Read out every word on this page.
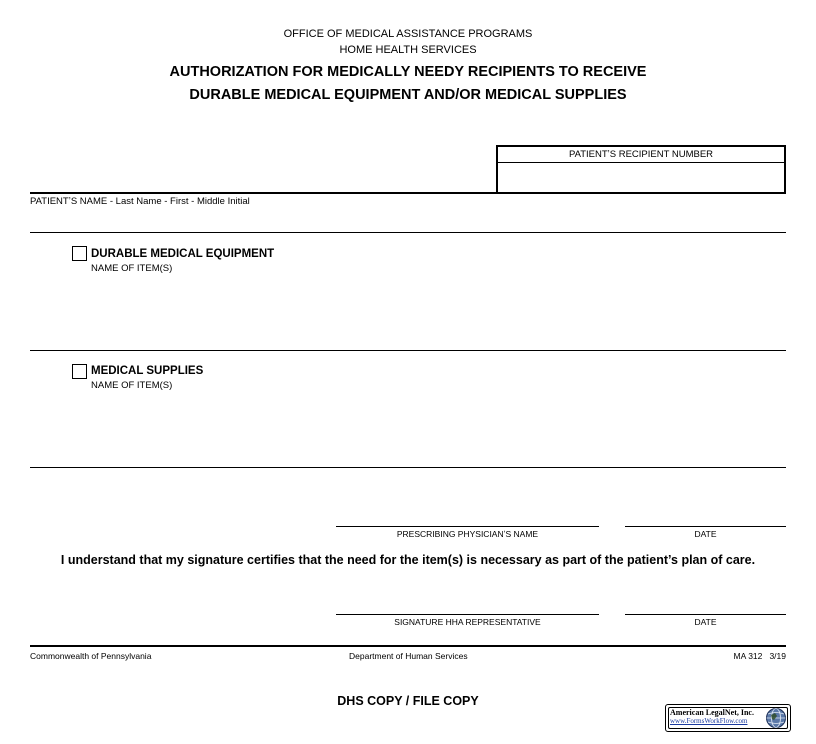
OFFICE OF MEDICAL ASSISTANCE PROGRAMS
HOME HEALTH SERVICES
AUTHORIZATION FOR MEDICALLY NEEDY RECIPIENTS TO RECEIVE
DURABLE MEDICAL EQUIPMENT AND/OR MEDICAL SUPPLIES
PATIENTʼS RECIPIENT NUMBER
PATIENTʼS NAME - Last Name - First - Middle Initial
DURABLE MEDICAL EQUIPMENT
NAME OF ITEM(S)
MEDICAL SUPPLIES
NAME OF ITEM(S)
PRESCRIBING PHYSICIANʼS NAME	DATE
I understand that my signature certifies that the need for the item(s) is necessary as part of the patient’s plan of care.
SIGNATURE HHA REPRESENTATIVE	DATE
Commonwealth of Pennsylvania	Department of Human Services	MA 312   3/19
DHS COPY / FILE COPY
American LegalNet, Inc.
www.FormsWorkFlow.com
